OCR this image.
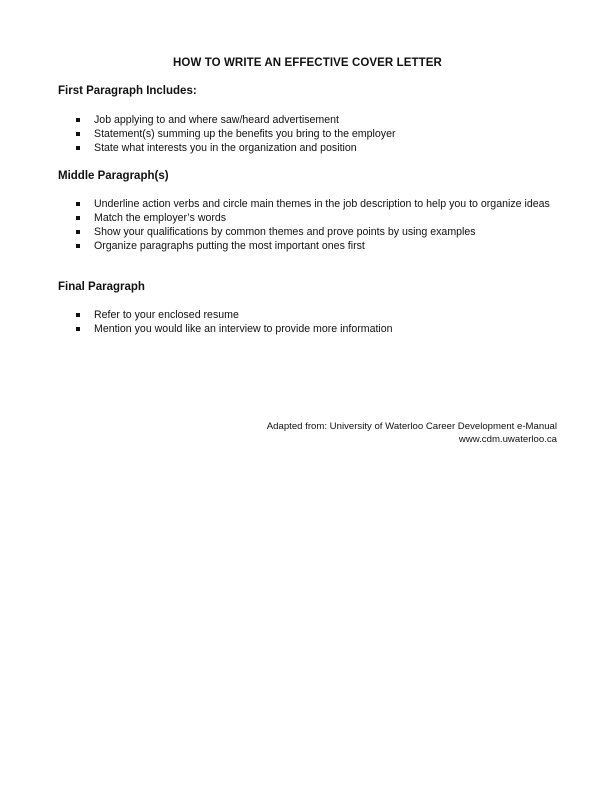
HOW TO WRITE AN EFFECTIVE COVER LETTER
First Paragraph Includes:
Job applying to and where saw/heard advertisement
Statement(s) summing up the benefits you bring to the employer
State what interests you in the organization and position
Middle Paragraph(s)
Underline action verbs and circle main themes in the job description to help you to organize ideas
Match the employer’s words
Show your qualifications by common themes and prove points by using examples
Organize paragraphs putting the most important ones first
Final Paragraph
Refer to your enclosed resume
Mention you would like an interview to provide more information
Adapted from: University of Waterloo Career Development e-Manual
www.cdm.uwaterloo.ca
